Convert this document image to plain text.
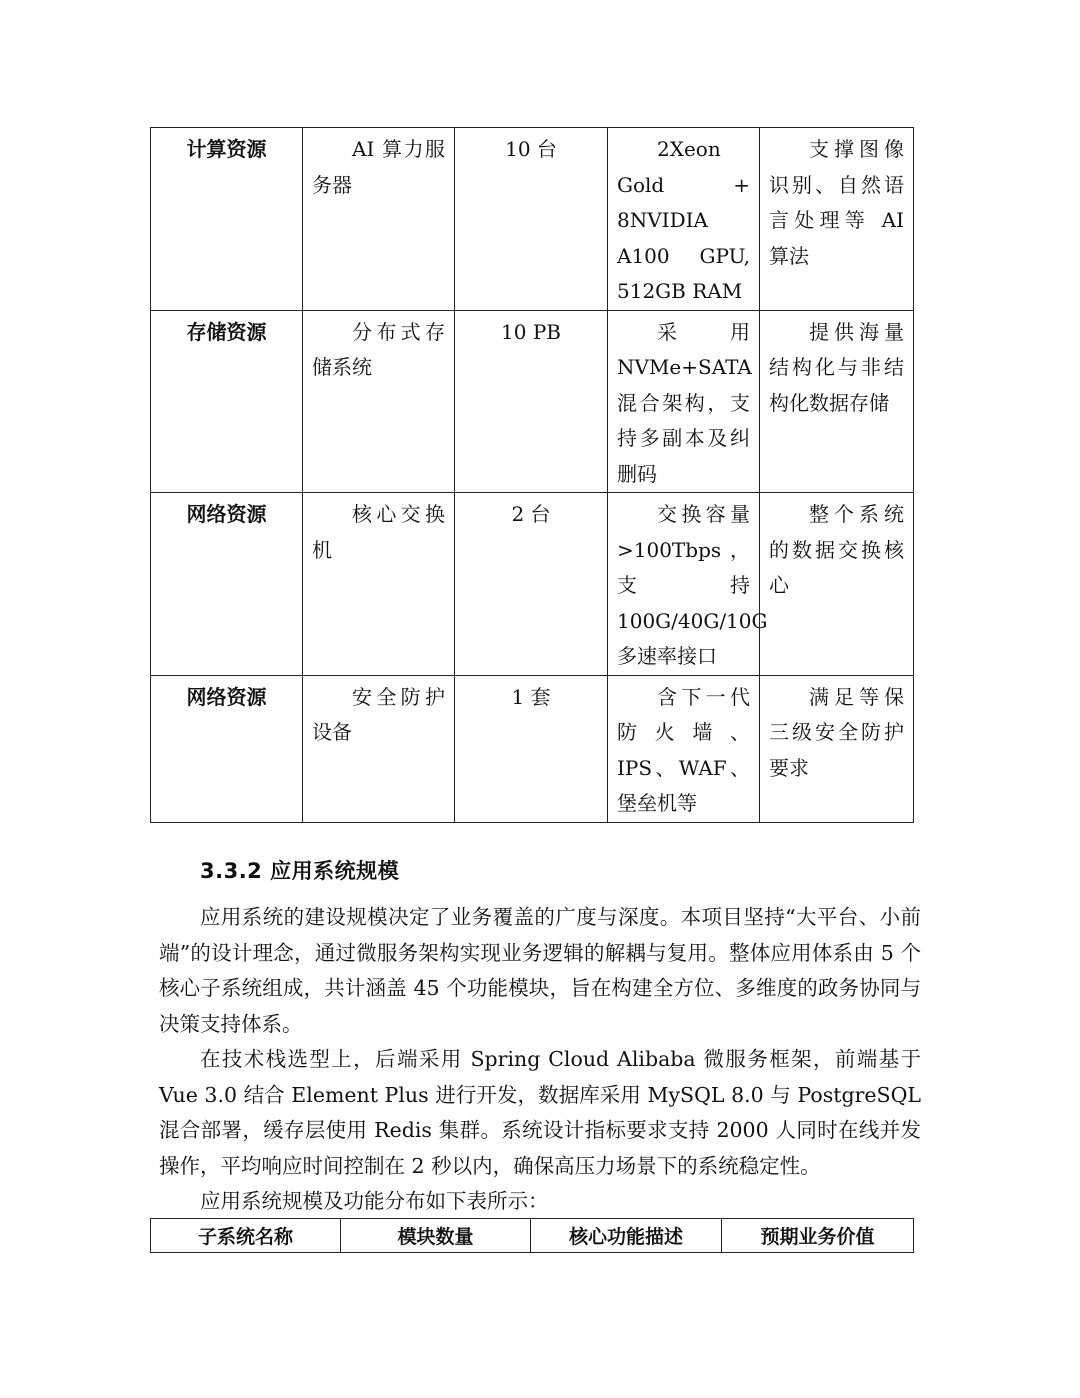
计算资源	AI 算力服务器	10 台	2Xeon Gold + 8NVIDIA A100 GPU, 512GB RAM	支撑图像识别、自然语言处理等 AI 算法
存储资源	分布式存储系统	10 PB	采 用 NVMe+SATA 混合架构，支持多副本及纠删码	提供海量结构化与非结构化数据存储
网络资源	核心交换机	2 台	交换容量>100Tbps，支 持 100G/40G/10G 多速率接口	整个系统的数据交换核心
网络资源	安全防护设备	1 套	含下一代防火墙、IPS、WAF、堡垒机等	满足等保三级安全防护要求
3.3.2 应用系统规模

应用系统的建设规模决定了业务覆盖的广度与深度。本项目坚持“大平台、小前端”的设计理念，通过微服务架构实现业务逻辑的解耦与复用。整体应用体系由 5 个核心子系统组成，共计涵盖 45 个功能模块，旨在构建全方位、多维度的政务协同与决策支持体系。

在技术栈选型上，后端采用 Spring Cloud Alibaba 微服务框架，前端基于 Vue 3.0 结合 Element Plus 进行开发，数据库采用 MySQL 8.0 与 PostgreSQL 混合部署，缓存层使用 Redis 集群。系统设计指标要求支持 2000 人同时在线并发操作，平均响应时间控制在 2 秒以内，确保高压力场景下的系统稳定性。

应用系统规模及功能分布如下表所示：

子系统名称	模块数量	核心功能描述	预期业务价值
